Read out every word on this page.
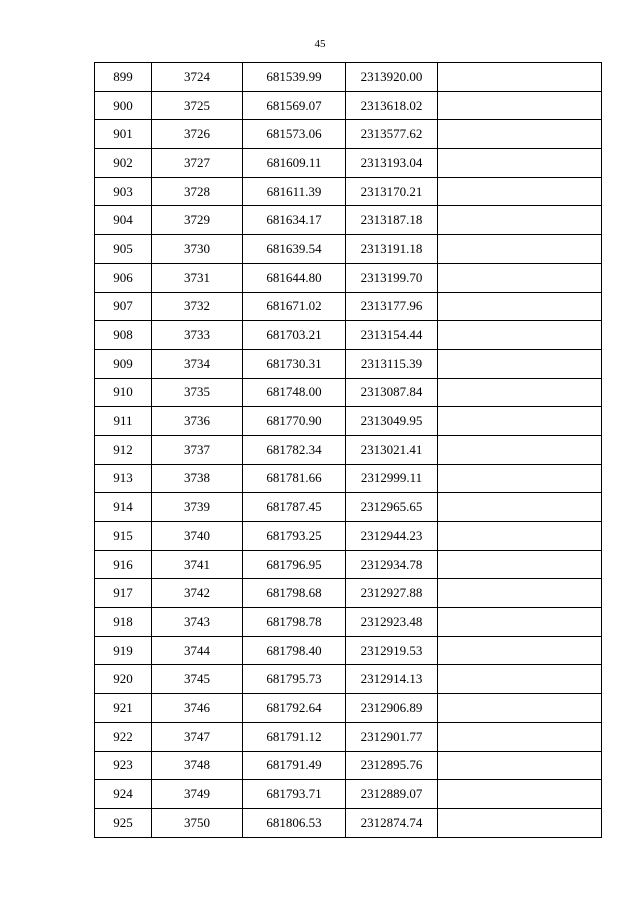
45
899	3724	681539.99	2313920.00	
900	3725	681569.07	2313618.02	
901	3726	681573.06	2313577.62	
902	3727	681609.11	2313193.04	
903	3728	681611.39	2313170.21	
904	3729	681634.17	2313187.18	
905	3730	681639.54	2313191.18	
906	3731	681644.80	2313199.70	
907	3732	681671.02	2313177.96	
908	3733	681703.21	2313154.44	
909	3734	681730.31	2313115.39	
910	3735	681748.00	2313087.84	
911	3736	681770.90	2313049.95	
912	3737	681782.34	2313021.41	
913	3738	681781.66	2312999.11	
914	3739	681787.45	2312965.65	
915	3740	681793.25	2312944.23	
916	3741	681796.95	2312934.78	
917	3742	681798.68	2312927.88	
918	3743	681798.78	2312923.48	
919	3744	681798.40	2312919.53	
920	3745	681795.73	2312914.13	
921	3746	681792.64	2312906.89	
922	3747	681791.12	2312901.77	
923	3748	681791.49	2312895.76	
924	3749	681793.71	2312889.07	
925	3750	681806.53	2312874.74	
